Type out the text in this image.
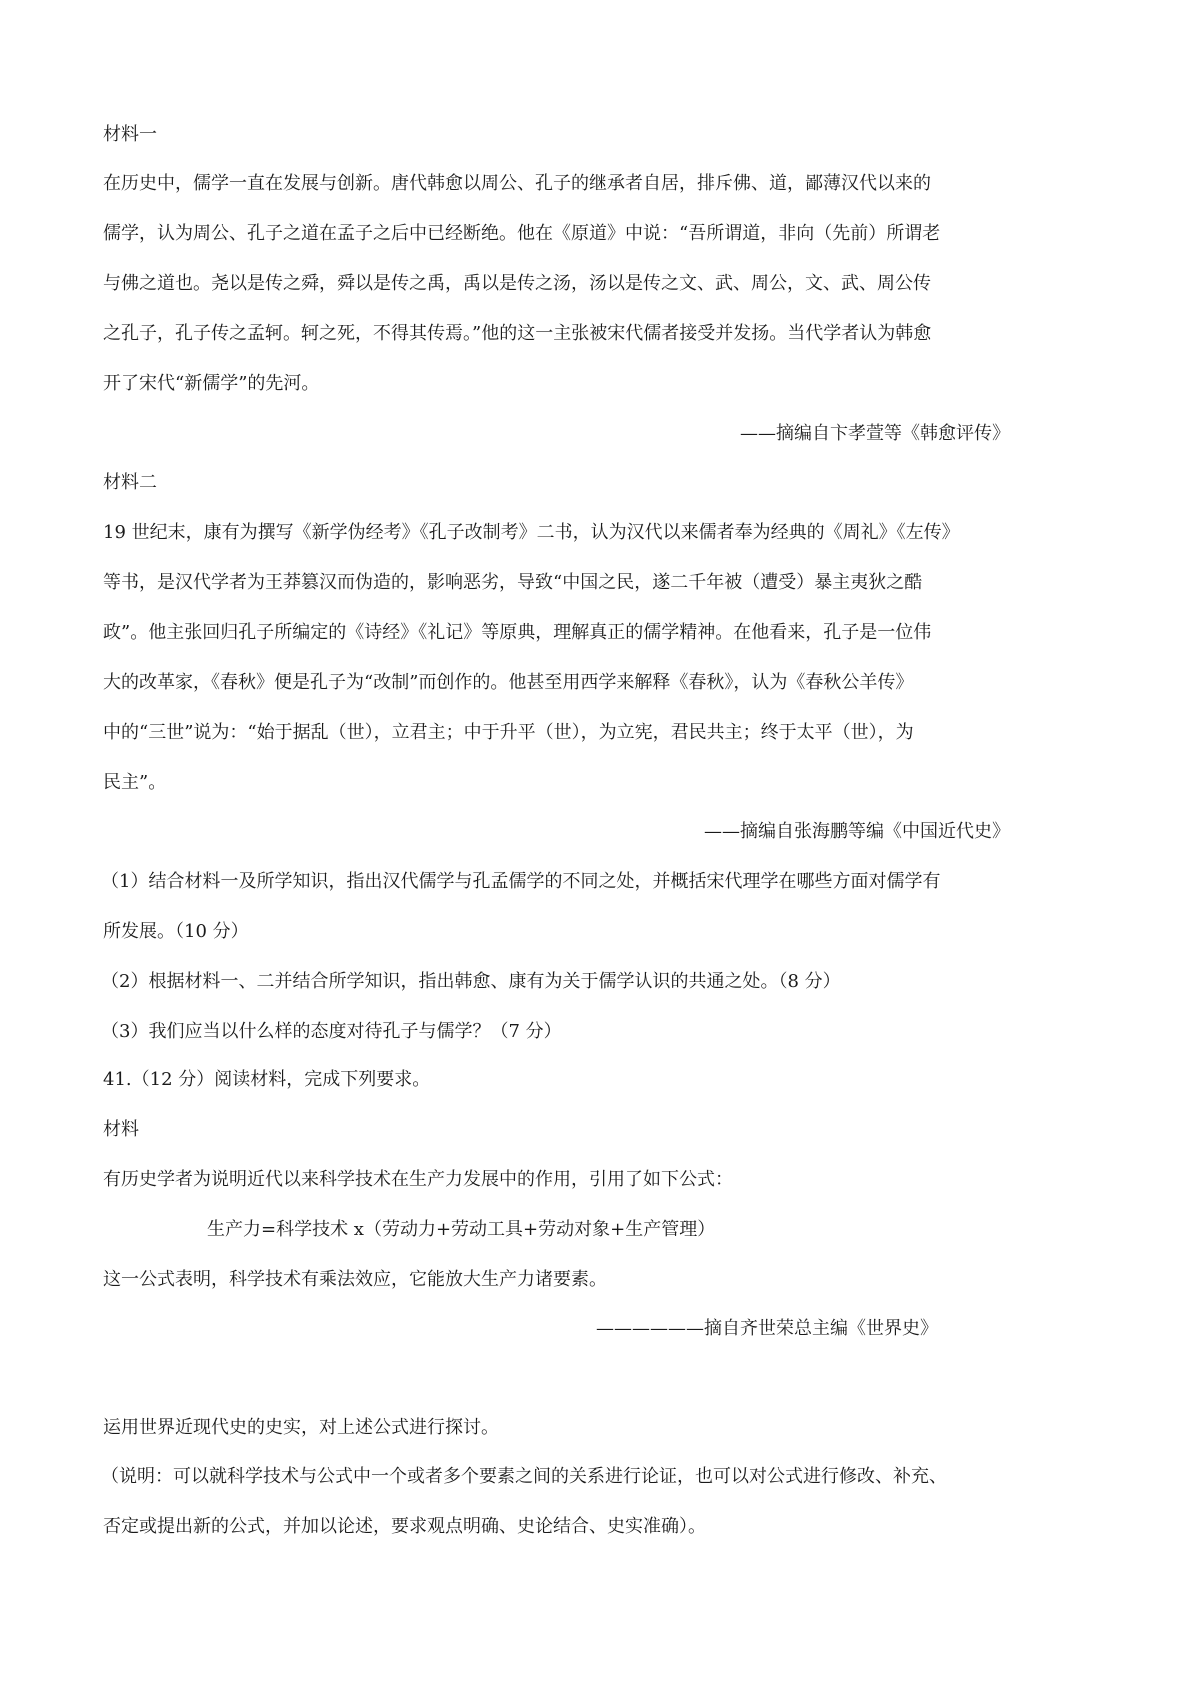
材料一
在历史中，儒学一直在发展与创新。唐代韩愈以周公、孔子的继承者自居，排斥佛、道，鄙薄汉代以来的
儒学，认为周公、孔子之道在孟子之后中已经断绝。他在《原道》中说：“吾所谓道，非向（先前）所谓老
与佛之道也。尧以是传之舜，舜以是传之禹，禹以是传之汤，汤以是传之文、武、周公，文、武、周公传
之孔子，孔子传之孟轲。轲之死，不得其传焉。”他的这一主张被宋代儒者接受并发扬。当代学者认为韩愈
开了宋代“新儒学”的先河。
——摘编自卞孝萱等《韩愈评传》
材料二
19 世纪末，康有为撰写《新学伪经考》《孔子改制考》二书，认为汉代以来儒者奉为经典的《周礼》《左传》
等书，是汉代学者为王莽篡汉而伪造的，影响恶劣，导致“中国之民，遂二千年被（遭受）暴主夷狄之酷
政”。他主张回归孔子所编定的《诗经》《礼记》等原典，理解真正的儒学精神。在他看来，孔子是一位伟
大的改革家，《春秋》便是孔子为“改制”而创作的。他甚至用西学来解释《春秋》，认为《春秋公羊传》
中的“三世”说为：“始于据乱（世），立君主；中于升平（世），为立宪，君民共主；终于太平（世），为
民主”。
——摘编自张海鹏等编《中国近代史》
（1）结合材料一及所学知识，指出汉代儒学与孔孟儒学的不同之处，并概括宋代理学在哪些方面对儒学有
所发展。（10 分）
（2）根据材料一、二并结合所学知识，指出韩愈、康有为关于儒学认识的共通之处。（8 分）
（3）我们应当以什么样的态度对待孔子与儒学？（7 分）
41.（12 分）阅读材料，完成下列要求。
材料
有历史学者为说明近代以来科学技术在生产力发展中的作用，引用了如下公式：
生产力=科学技术 x（劳动力+劳动工具+劳动对象+生产管理）
这一公式表明，科学技术有乘法效应，它能放大生产力诸要素。
——————摘自齐世荣总主编《世界史》
运用世界近现代史的史实，对上述公式进行探讨。
（说明：可以就科学技术与公式中一个或者多个要素之间的关系进行论证，也可以对公式进行修改、补充、
否定或提出新的公式，并加以论述，要求观点明确、史论结合、史实准确）。
